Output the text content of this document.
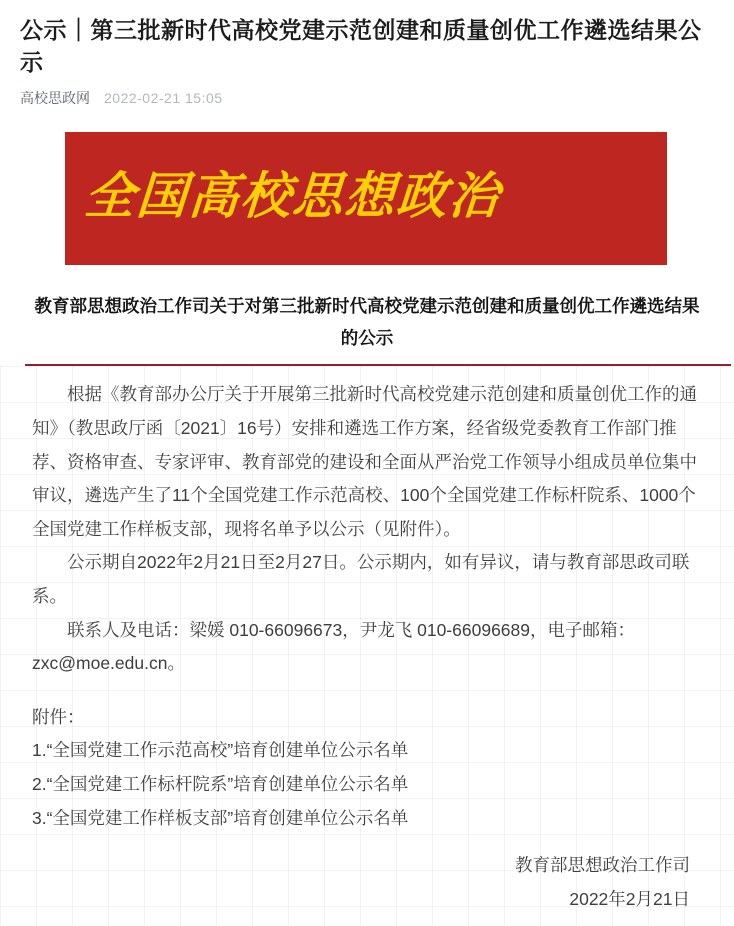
公示｜第三批新时代高校党建示范创建和质量创优工作遴选结果公示
高校思政网 2022-02-21 15:05
全国高校思想政治
教育部思想政治工作司关于对第三批新时代高校党建示范创建和质量创优工作遴选结果的公示

根据《教育部办公厅关于开展第三批新时代高校党建示范创建和质量创优工作的通知》（教思政厅函〔2021〕16号）安排和遴选工作方案，经省级党委教育工作部门推荐、资格审查、专家评审、教育部党的建设和全面从严治党工作领导小组成员单位集中审议，遴选产生了11个全国党建工作示范高校、100个全国党建工作标杆院系、1000个全国党建工作样板支部，现将名单予以公示（见附件）。

公示期自2022年2月21日至2月27日。公示期内，如有异议，请与教育部思政司联系。

联系人及电话：梁媛 010-66096673，尹龙飞 010-66096689，电子邮箱：zxc@moe.edu.cn。

附件：
1.“全国党建工作示范高校”培育创建单位公示名单
2.“全国党建工作标杆院系”培育创建单位公示名单
3.“全国党建工作样板支部”培育创建单位公示名单
教育部思想政治工作司
2022年2月21日
